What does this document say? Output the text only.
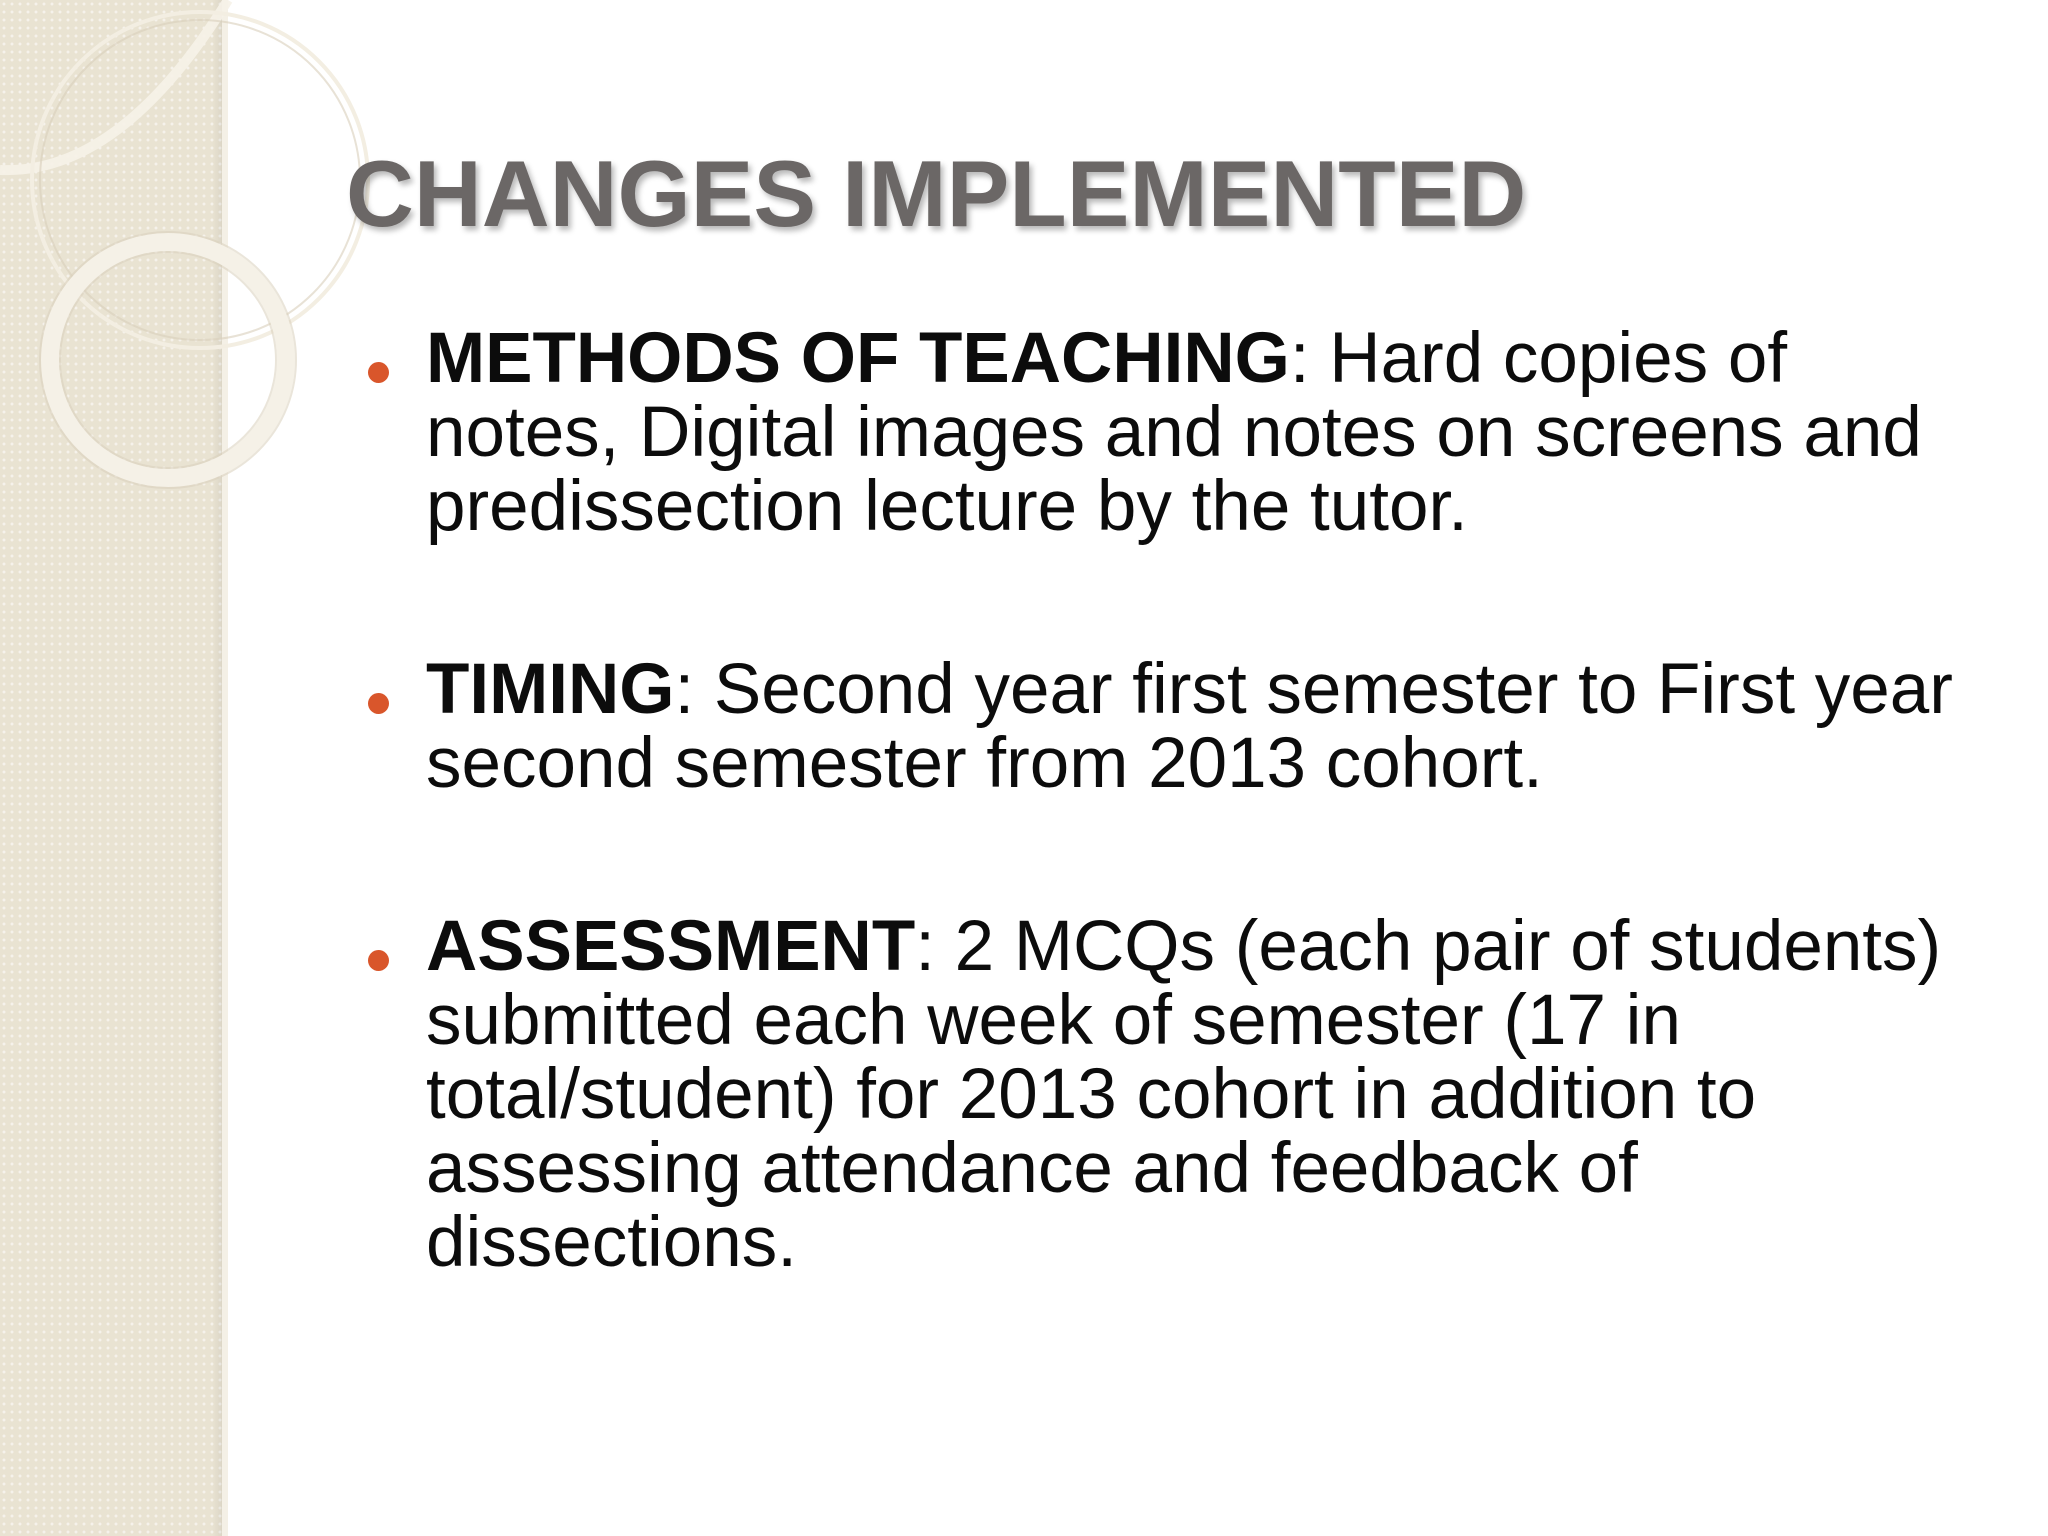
CHANGES IMPLEMENTED
METHODS OF TEACHING: Hard copies of notes, Digital images and notes on screens and predissection lecture by the tutor.
TIMING: Second year first semester to First year second semester from 2013 cohort.
ASSESSMENT: 2 MCQs (each pair of students) submitted each week of semester (17 in total/student) for 2013 cohort in addition to assessing attendance and feedback of dissections.
